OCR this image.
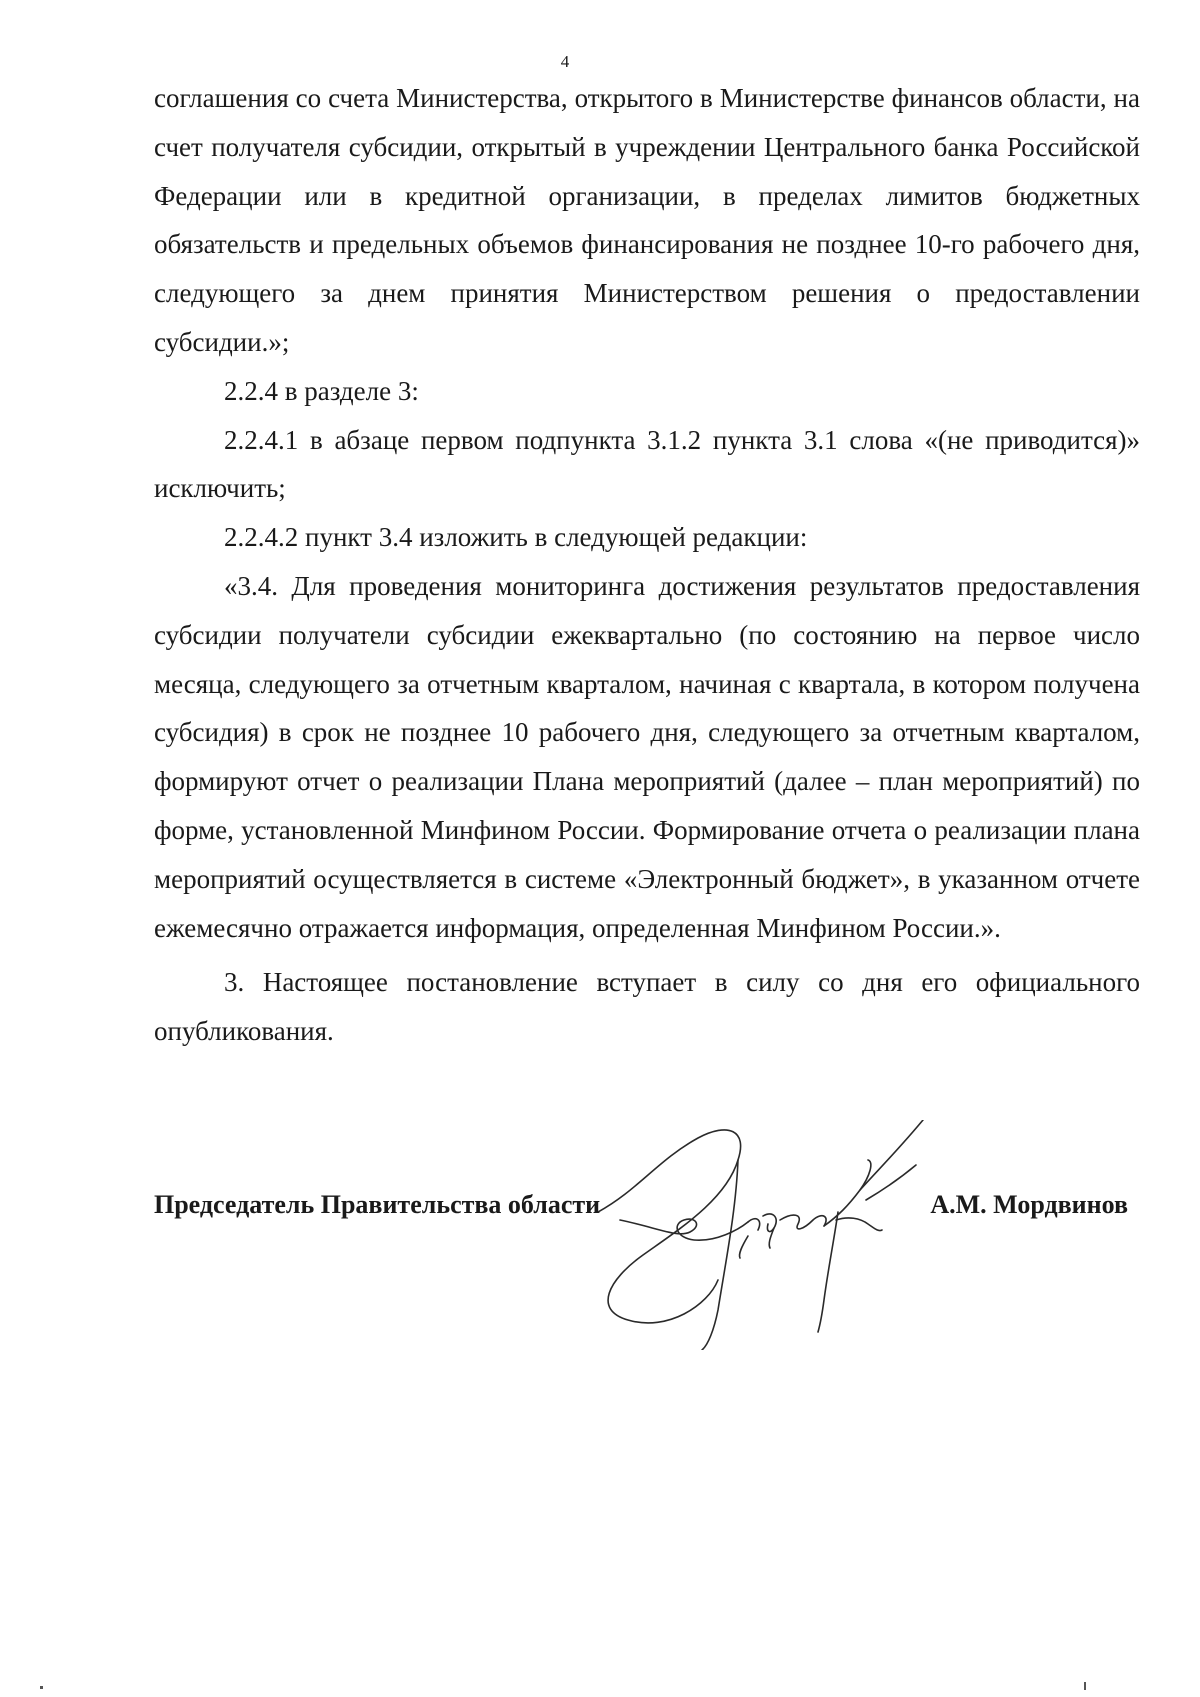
4

соглашения со счета Министерства, открытого в Министерстве финансов области, на счет получателя субсидии, открытый в учреждении Центрального банка Российской Федерации или в кредитной организации, в пределах лимитов бюджетных обязательств и предельных объемов финансирования не позднее 10-го рабочего дня, следующего за днем принятия Министерством решения о предоставлении субсидии.»;

2.2.4 в разделе 3:

2.2.4.1 в абзаце первом подпункта 3.1.2 пункта 3.1 слова «(не приводится)» исключить;

2.2.4.2 пункт 3.4 изложить в следующей редакции:

«3.4. Для проведения мониторинга достижения результатов предоставления субсидии получатели субсидии ежеквартально (по состоянию на первое число месяца, следующего за отчетным кварталом, начиная с квартала, в котором получена субсидия) в срок не позднее 10 рабочего дня, следующего за отчетным кварталом, формируют отчет о реализации Плана мероприятий (далее – план мероприятий) по форме, установленной Минфином России. Формирование отчета о реализации плана мероприятий осуществляется в системе «Электронный бюджет», в указанном отчете ежемесячно отражается информация, определенная Минфином России.».

3. Настоящее постановление вступает в силу со дня его официального опубликования.

Председатель Правительства области	А.М. Мордвинов
